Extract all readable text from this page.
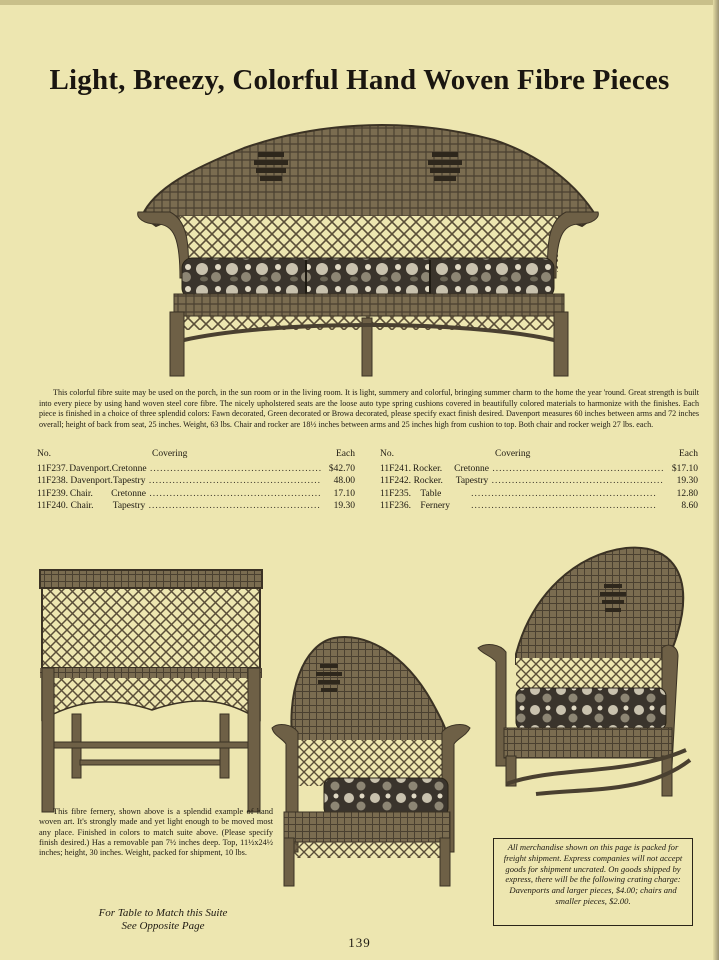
Light, Breezy, Colorful Hand Woven Fibre Pieces

This colorful fibre suite may be used on the porch, in the sun room or in the living room. It is light, summery and colorful, bringing summer charm to the home the year 'round. Great strength is built into every piece by using hand woven steel core fibre. The nicely upholstered seats are the loose auto type spring cushions covered in beautifully colored materials to harmonize with the finishes. Each piece is finished in a choice of three splendid colors: Fawn decorated, Green decorated or Browa decorated, please specify exact finish desired. Davenport measures 60 inches between arms and 72 inches overall; height of back from seat, 25 inches. Weight, 63 lbs. Chair and rocker are 18½ inches between arms and 25 inches high from cushion to top. Both chair and rocker weigh 27 lbs. each.

No.	Covering	Each
11F237. Davenport. Cretonne ................................................... $42.70
11F238. Davenport. Tapestry ...................................................	48.00
11F239. Chair.	Cretonne ...................................................	17.10
11F240. Chair.	Tapestry ...................................................	19.30
No.	Covering	Each
11F241. Rocker.	Cretonne ................................................... $17.10
11F242. Rocker.	Tapestry ...................................................	19.30
11F235. Table	.......................................................	12.80
11F236. Fernery	.......................................................	8.60

This fibre fernery, shown above is a splendid example of hand woven art. It's strongly made and yet light enough to be moved most any place. Finished in colors to match suite above. (Please specify finish desired.) Has a removable pan 7½ inches deep. Top, 11½x24½ inches; height, 30 inches. Weight, packed for shipment, 10 lbs.

For Table to Match this Suite
See Opposite Page

All merchandise shown on this page is packed for freight shipment. Express companies will not accept goods for shipment uncrated. On goods shipped by express, there will be the following crating charge: Davenports and larger pieces, $4.00; chairs and smaller pieces, $2.00.

139
